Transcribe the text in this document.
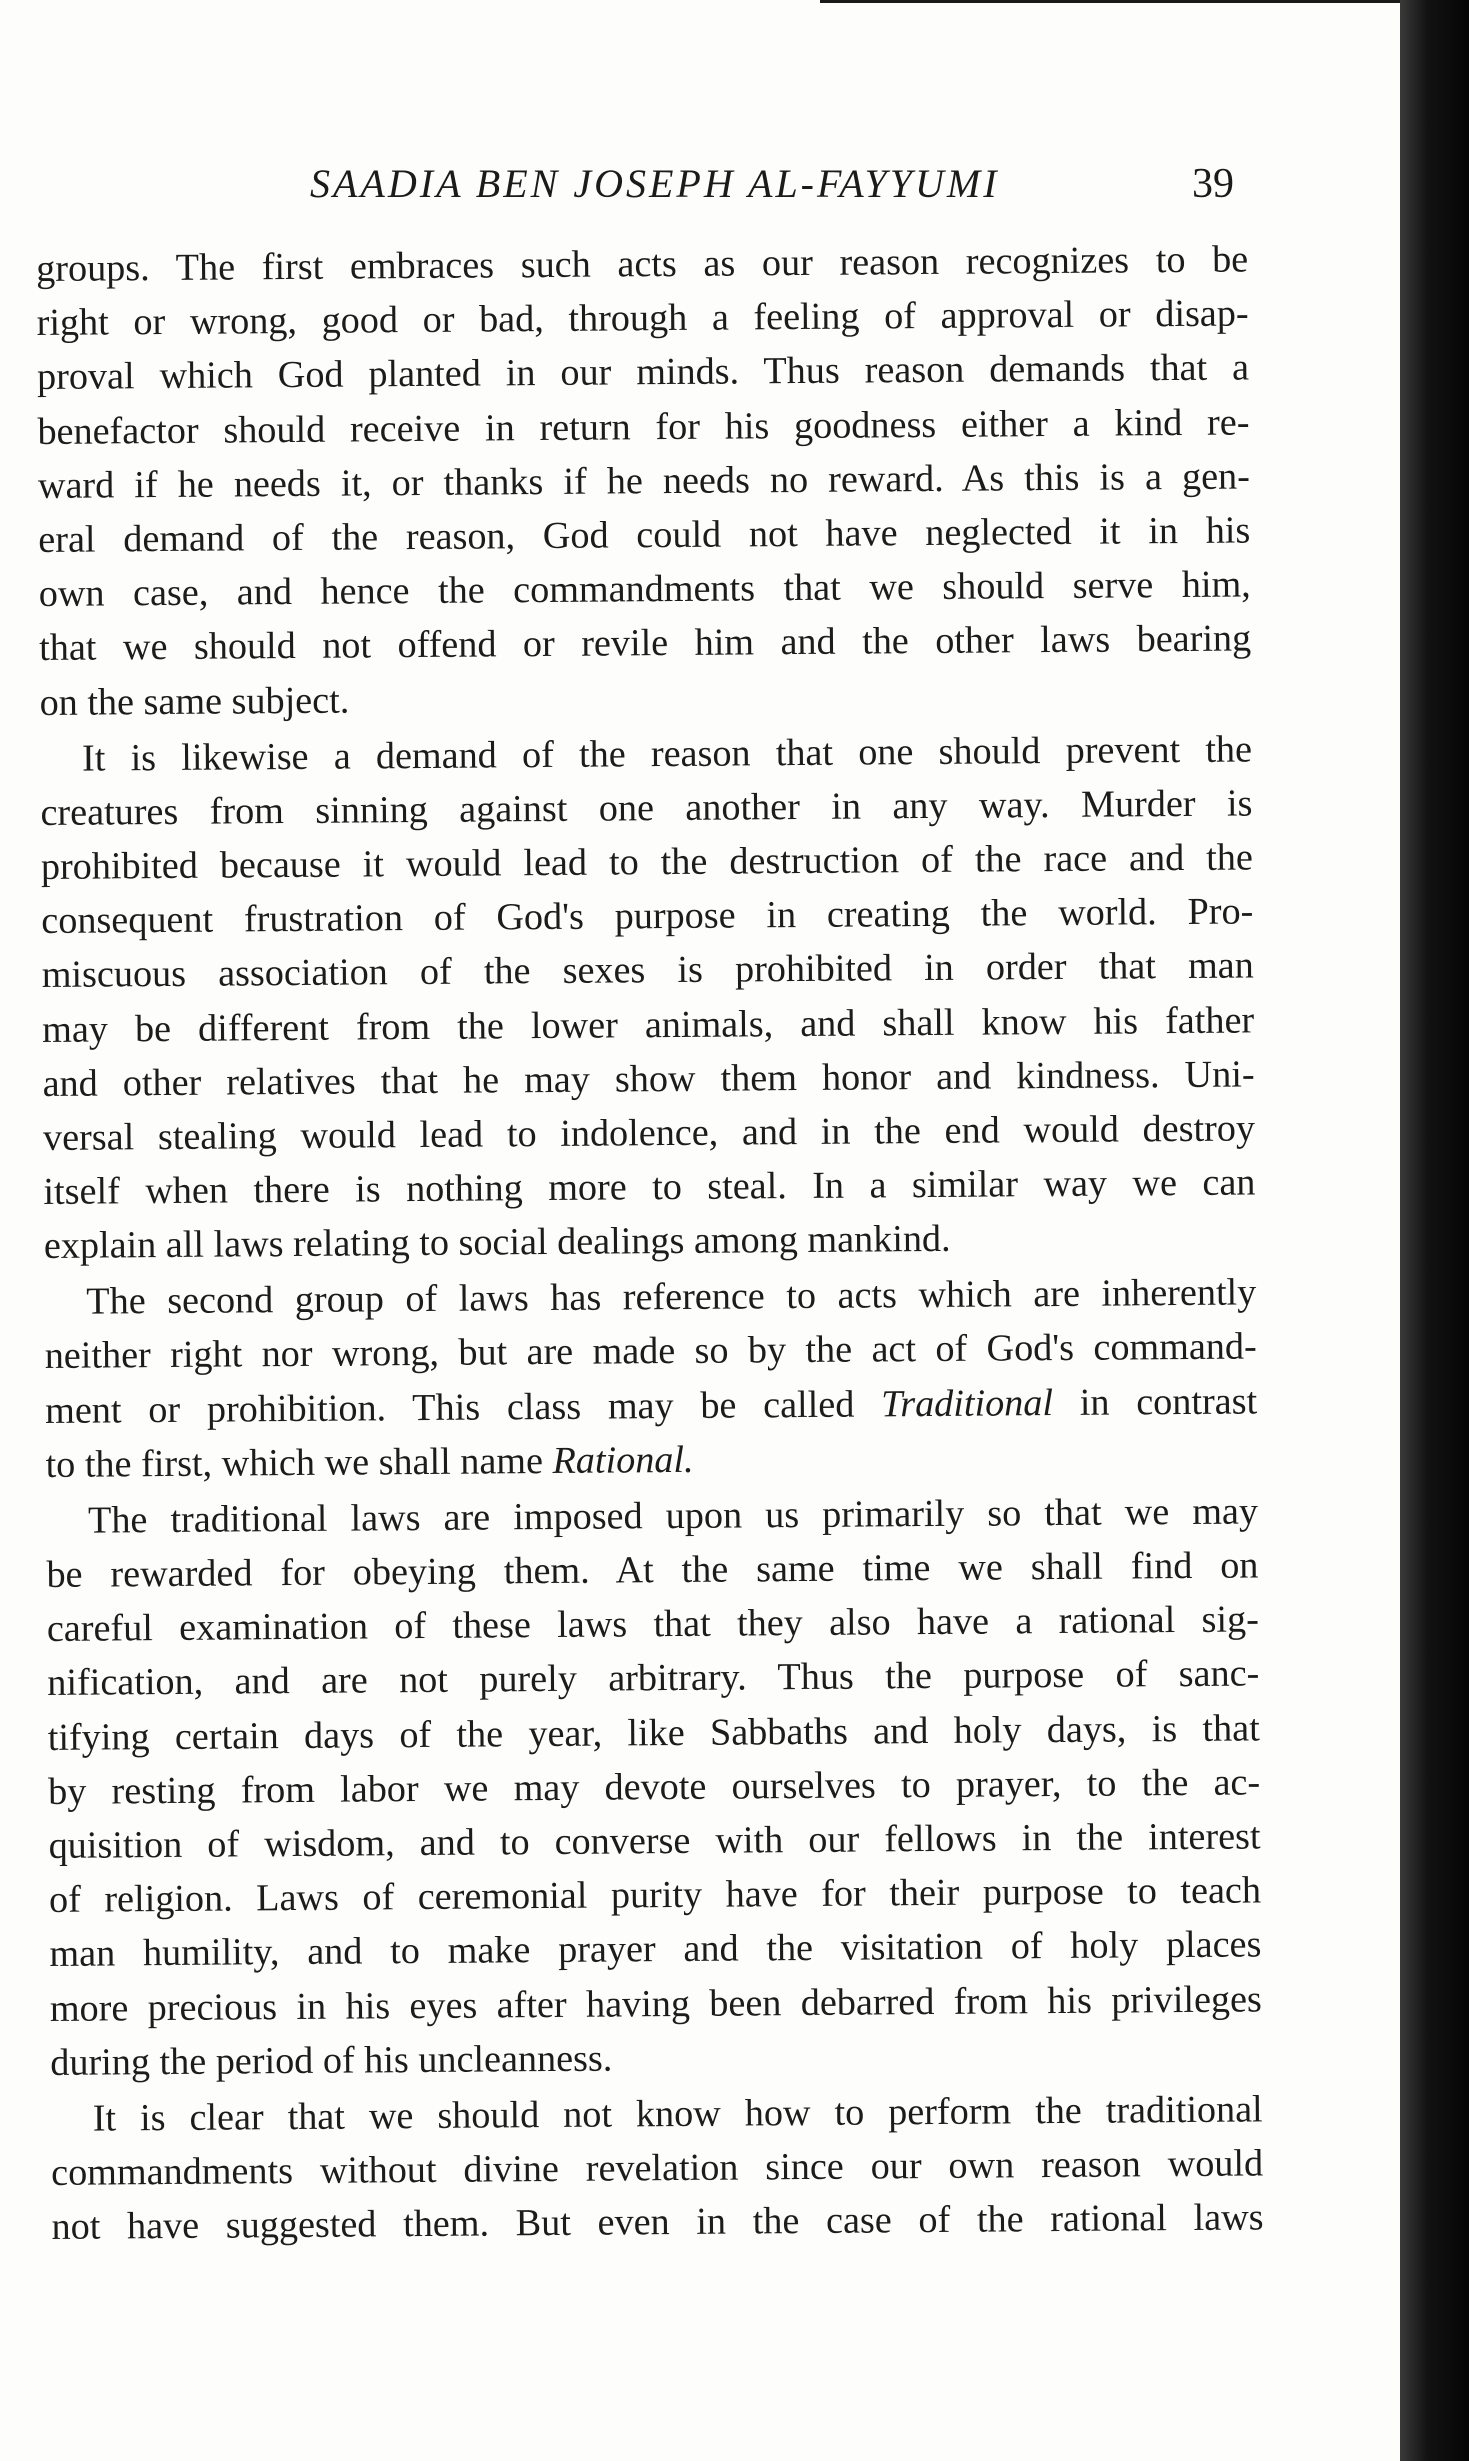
SAADIA BEN JOSEPH AL-FAYYUMI	39
groups. The first embraces such acts as our reason recognizes to be
right or wrong, good or bad, through a feeling of approval or disap-
proval which God planted in our minds. Thus reason demands that a
benefactor should receive in return for his goodness either a kind re-
ward if he needs it, or thanks if he needs no reward. As this is a gen-
eral demand of the reason, God could not have neglected it in his
own case, and hence the commandments that we should serve him,
that we should not offend or revile him and the other laws bearing
on the same subject.
It is likewise a demand of the reason that one should prevent the
creatures from sinning against one another in any way. Murder is
prohibited because it would lead to the destruction of the race and the
consequent frustration of God's purpose in creating the world. Pro-
miscuous association of the sexes is prohibited in order that man
may be different from the lower animals, and shall know his father
and other relatives that he may show them honor and kindness. Uni-
versal stealing would lead to indolence, and in the end would destroy
itself when there is nothing more to steal. In a similar way we can
explain all laws relating to social dealings among mankind.
The second group of laws has reference to acts which are inherently
neither right nor wrong, but are made so by the act of God's command-
ment or prohibition. This class may be called Traditional in contrast
to the first, which we shall name Rational.
The traditional laws are imposed upon us primarily so that we may
be rewarded for obeying them. At the same time we shall find on
careful examination of these laws that they also have a rational sig-
nification, and are not purely arbitrary. Thus the purpose of sanc-
tifying certain days of the year, like Sabbaths and holy days, is that
by resting from labor we may devote ourselves to prayer, to the ac-
quisition of wisdom, and to converse with our fellows in the interest
of religion. Laws of ceremonial purity have for their purpose to teach
man humility, and to make prayer and the visitation of holy places
more precious in his eyes after having been debarred from his privileges
during the period of his uncleanness.
It is clear that we should not know how to perform the traditional
commandments without divine revelation since our own reason would
not have suggested them. But even in the case of the rational laws
